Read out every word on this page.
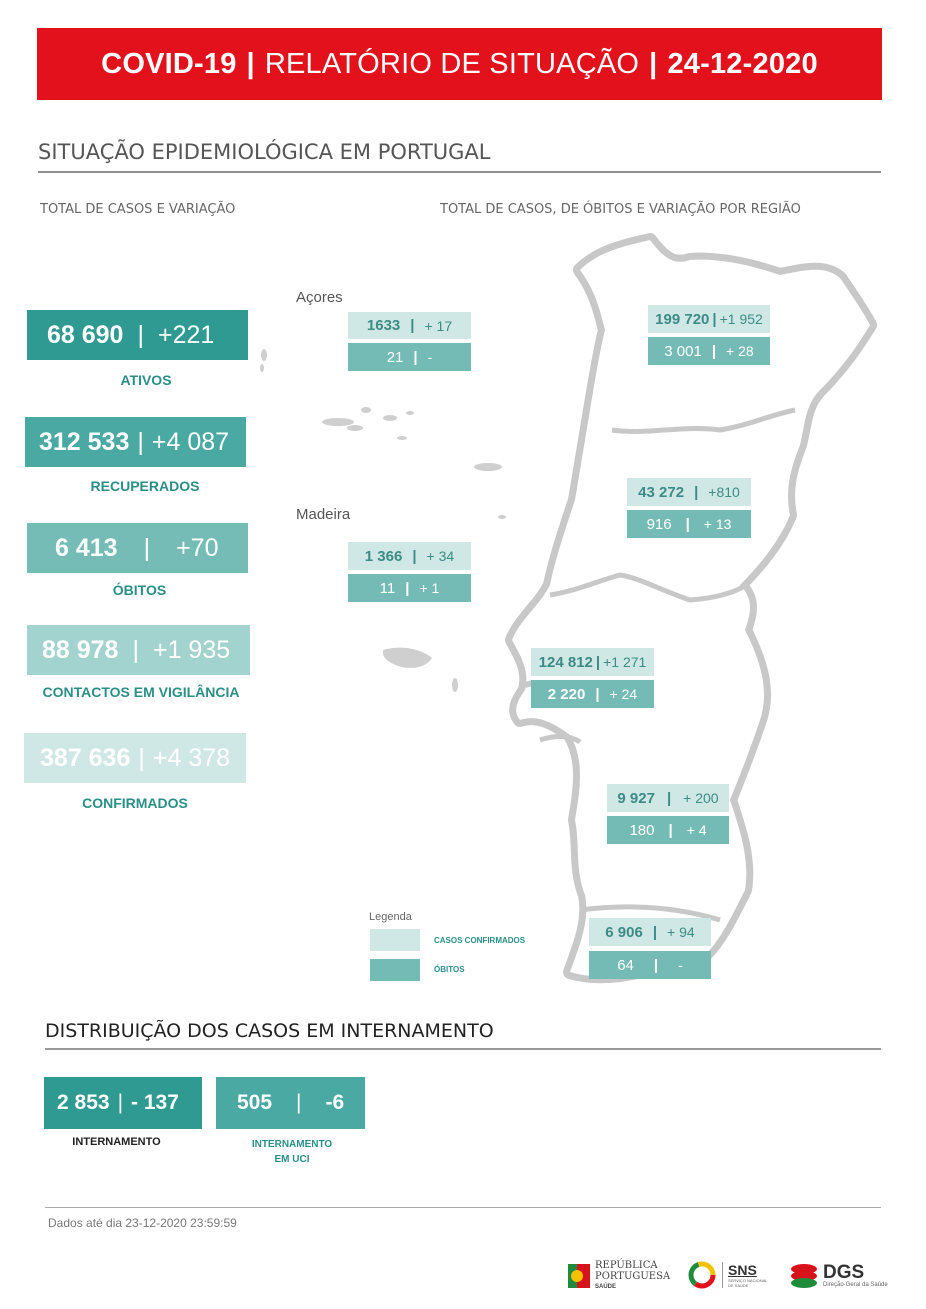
COVID-19 | RELATÓRIO DE SITUAÇÃO | 24-12-2020
SITUAÇÃO EPIDEMIOLÓGICA EM PORTUGAL
TOTAL DE CASOS E VARIAÇÃO	TOTAL DE CASOS, DE ÓBITOS E VARIAÇÃO POR REGIÃO
68 690 | +221
ATIVOS
312 533 | +4 087
RECUPERADOS
6 413 | +70
ÓBITOS
88 978 | +1 935
CONTACTOS EM VIGILÂNCIA
387 636 | +4 378
CONFIRMADOS
Açores
Madeira
1633 | + 17
21 | -
1 366 | + 34
11 | + 1
199 720 | +1 952
3 001 | + 28
43 272 | +810
916 | + 13
124 812 | +1 271
2 220 | + 24
9 927 | + 200
180 | + 4
6 906 | + 94
64 | -
Legenda
CASOS CONFIRMADOS
ÓBITOS
DISTRIBUIÇÃO DOS CASOS EM INTERNAMENTO
2 853 | - 137
INTERNAMENTO
505 | -6
INTERNAMENTO
EM UCI
Dados até dia 23-12-2020 23:59:59
REPÚBLICA
PORTUGUESA
SAÚDE
SNS
SERVIÇO NACIONAL DE SAÚDE
DGS
Direção-Geral da Saúde
